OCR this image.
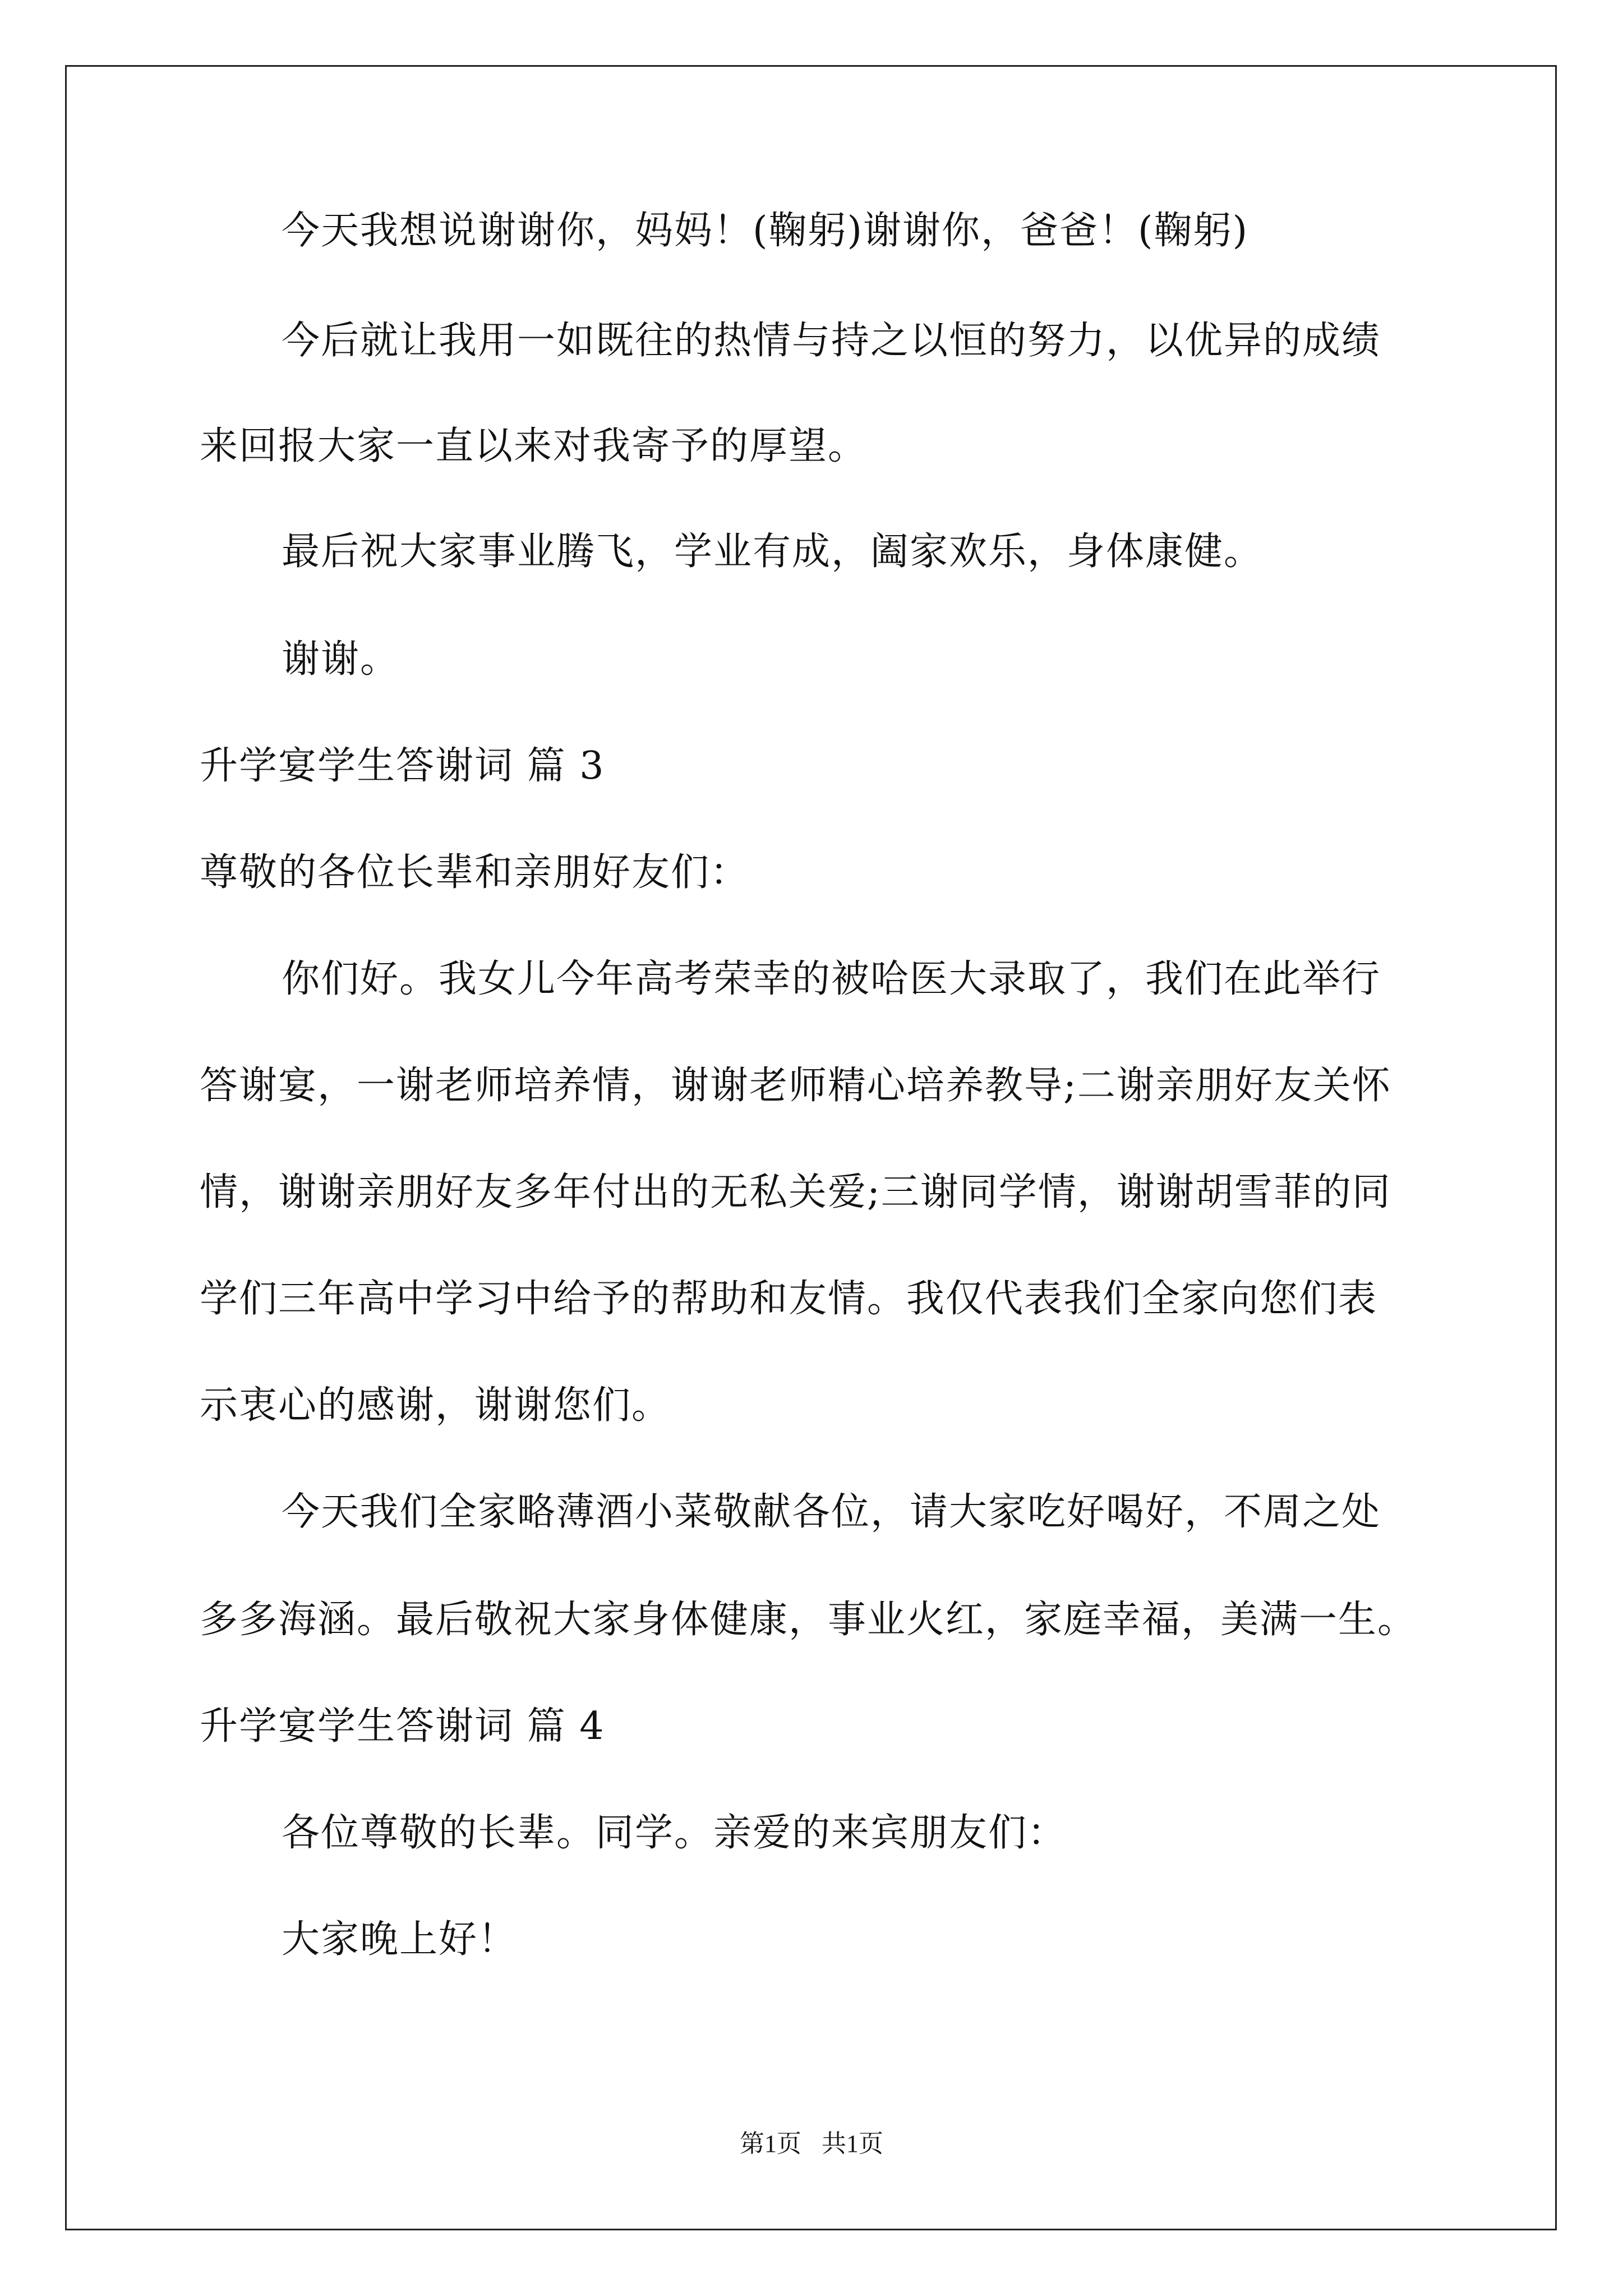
今天我想说谢谢你，妈妈！(鞠躬)谢谢你，爸爸！(鞠躬)
今后就让我用一如既往的热情与持之以恒的努力，以优异的成绩
来回报大家一直以来对我寄予的厚望。
最后祝大家事业腾飞，学业有成，阖家欢乐，身体康健。
谢谢。
升学宴学生答谢词 篇 3
尊敬的各位长辈和亲朋好友们：
你们好。我女儿今年高考荣幸的被哈医大录取了，我们在此举行
答谢宴，一谢老师培养情，谢谢老师精心培养教导;二谢亲朋好友关怀
情，谢谢亲朋好友多年付出的无私关爱;三谢同学情，谢谢胡雪菲的同
学们三年高中学习中给予的帮助和友情。我仅代表我们全家向您们表
示衷心的感谢，谢谢您们。
今天我们全家略薄酒小菜敬献各位，请大家吃好喝好，不周之处
多多海涵。最后敬祝大家身体健康，事业火红，家庭幸福，美满一生。
升学宴学生答谢词 篇 4
各位尊敬的长辈。同学。亲爱的来宾朋友们：
大家晚上好！
第1页 共1页
